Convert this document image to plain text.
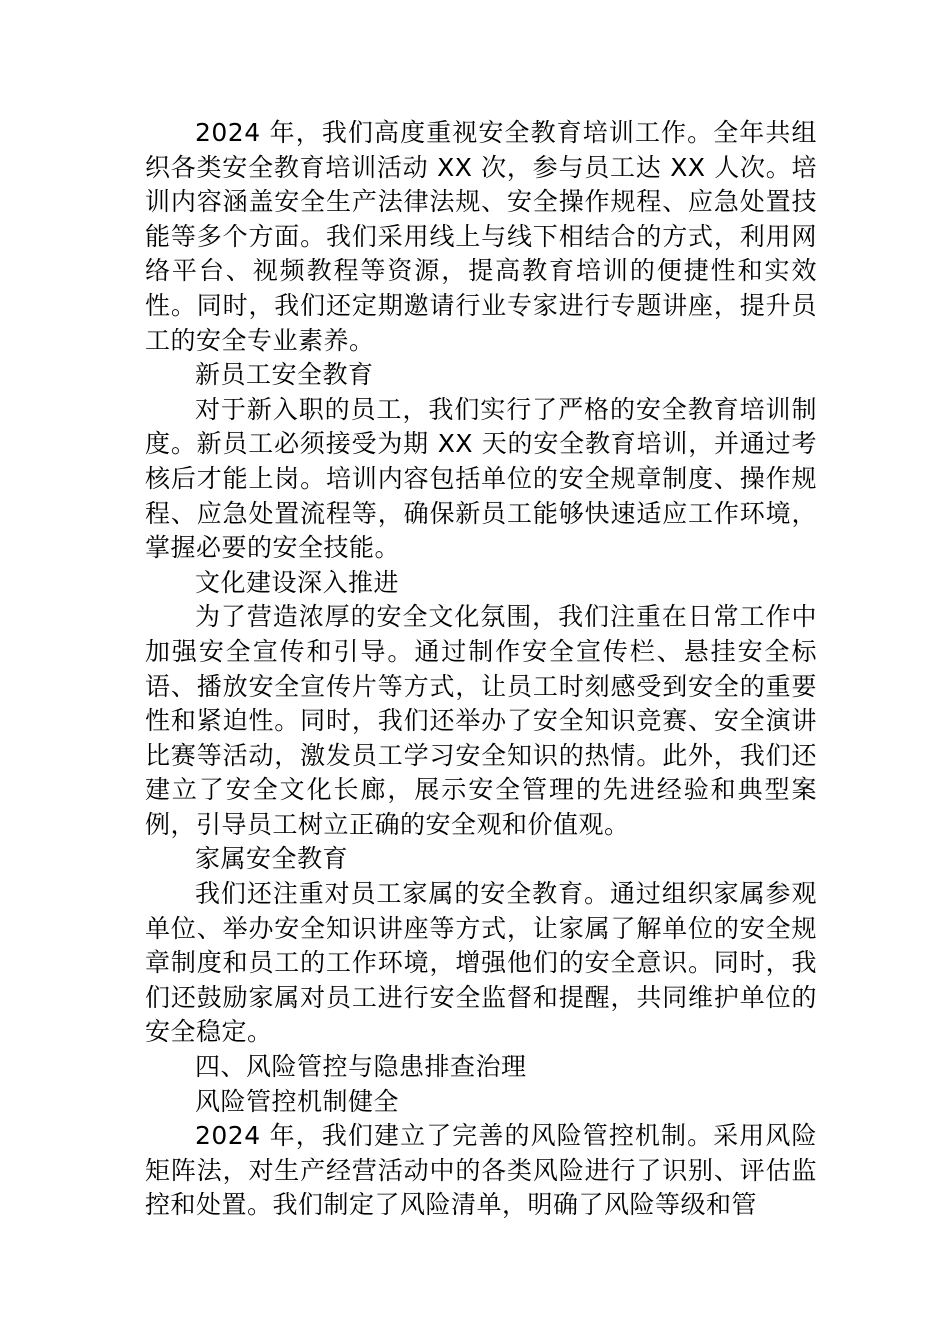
2024 年，我们高度重视安全教育培训工作。全年共组织各类安全教育培训活动 XX 次，参与员工达 XX 人次。培训内容涵盖安全生产法律法规、安全操作规程、应急处置技能等多个方面。我们采用线上与线下相结合的方式，利用网络平台、视频教程等资源，提高教育培训的便捷性和实效性。同时，我们还定期邀请行业专家进行专题讲座，提升员工的安全专业素养。

新员工安全教育

对于新入职的员工，我们实行了严格的安全教育培训制度。新员工必须接受为期 XX 天的安全教育培训，并通过考核后才能上岗。培训内容包括单位的安全规章制度、操作规程、应急处置流程等，确保新员工能够快速适应工作环境，掌握必要的安全技能。

文化建设深入推进

为了营造浓厚的安全文化氛围，我们注重在日常工作中加强安全宣传和引导。通过制作安全宣传栏、悬挂安全标语、播放安全宣传片等方式，让员工时刻感受到安全的重要性和紧迫性。同时，我们还举办了安全知识竞赛、安全演讲比赛等活动，激发员工学习安全知识的热情。此外，我们还建立了安全文化长廊，展示安全管理的先进经验和典型案例，引导员工树立正确的安全观和价值观。

家属安全教育

我们还注重对员工家属的安全教育。通过组织家属参观单位、举办安全知识讲座等方式，让家属了解单位的安全规章制度和员工的工作环境，增强他们的安全意识。同时，我们还鼓励家属对员工进行安全监督和提醒，共同维护单位的安全稳定。

四、风险管控与隐患排查治理

风险管控机制健全

2024 年，我们建立了完善的风险管控机制。采用风险矩阵法，对生产经营活动中的各类风险进行了识别、评估监控和处置。我们制定了风险清单，明确了风险等级和管
